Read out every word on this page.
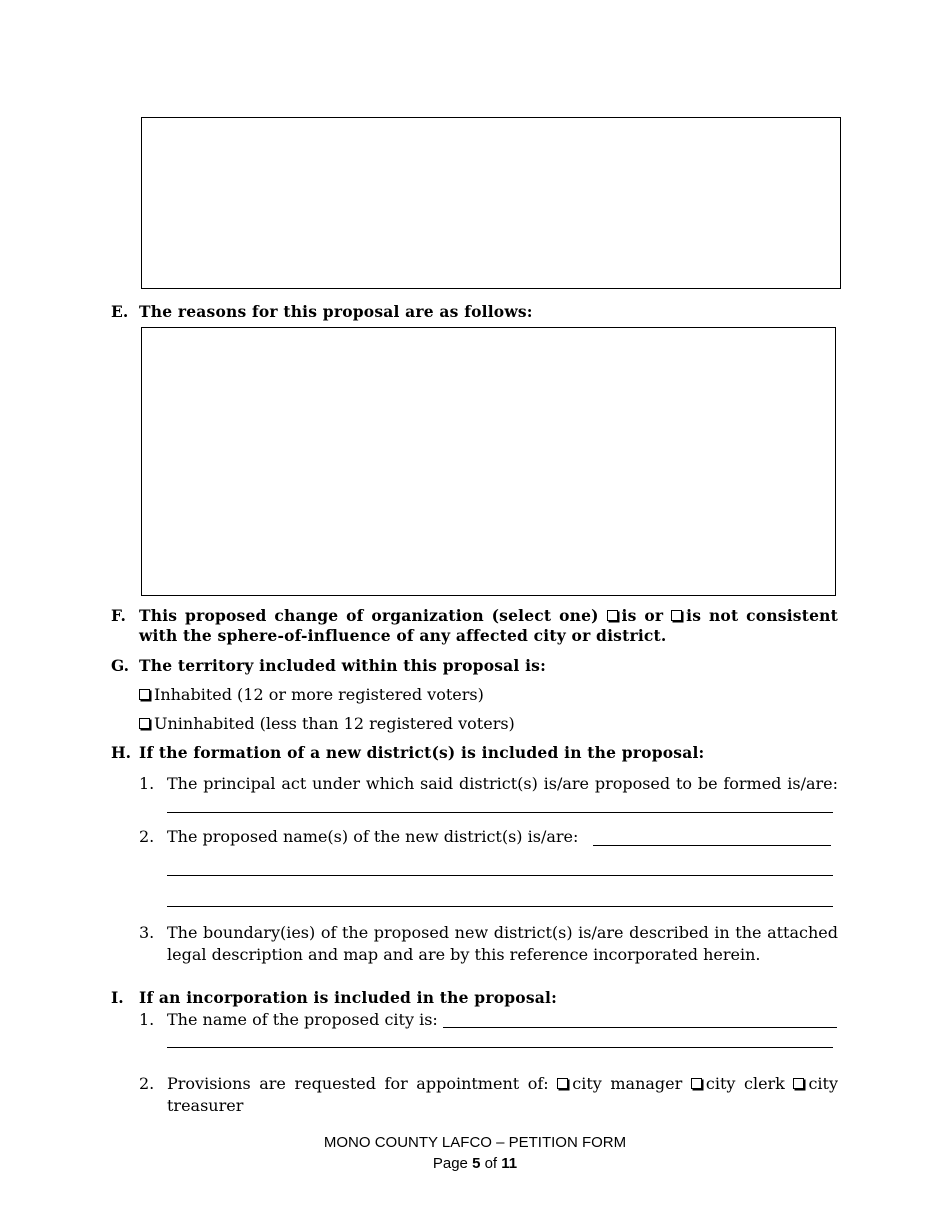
E. The reasons for this proposal are as follows:
F. This proposed change of organization (select one) is or is not consistent
with the sphere-of-influence of any affected city or district.
G. The territory included within this proposal is:
Inhabited (12 or more registered voters)
Uninhabited (less than 12 registered voters)
H. If the formation of a new district(s) is included in the proposal:
1. The principal act under which said district(s) is/are proposed to be formed is/are:
2. The proposed name(s) of the new district(s) is/are:
3. The boundary(ies) of the proposed new district(s) is/are described in the attached
legal description and map and are by this reference incorporated herein.
I. If an incorporation is included in the proposal:
1. The name of the proposed city is:
2. Provisions are requested for appointment of: city manager city clerk city
treasurer
MONO COUNTY LAFCO – PETITION FORM
Page 5 of 11
